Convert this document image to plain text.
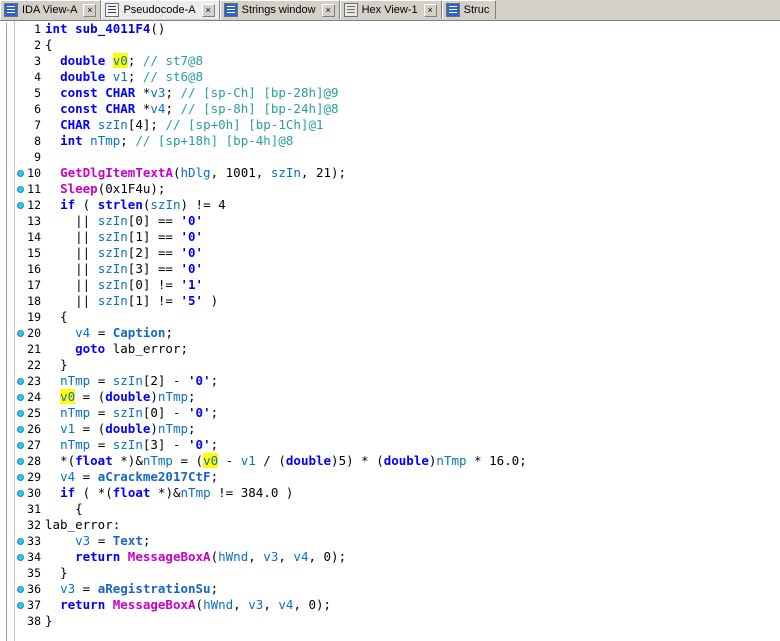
IDA View-A	×	Pseudocode-A	×	Strings window	×	Hex View-1	×	Struc
1
2
3
4
5
6
7
8
9
10
11
12
13
14
15
16
17
18
19
20
21
22
23
24
25
26
27
28
29
30
31
32
33
34
35
36
37
38
int sub_4011F4()
{
double v0; // st7@8
double v1; // st6@8
const CHAR *v3; // [sp-Ch] [bp-28h]@9
const CHAR *v4; // [sp-8h] [bp-24h]@8
CHAR szIn[4]; // [sp+0h] [bp-1Ch]@1
int nTmp; // [sp+18h] [bp-4h]@8
GetDlgItemTextA(hDlg, 1001, szIn, 21);
Sleep(0x1F4u);
if ( strlen(szIn) != 4
|| szIn[0] == '0'
|| szIn[1] == '0'
|| szIn[2] == '0'
|| szIn[3] == '0'
|| szIn[0] != '1'
|| szIn[1] != '5' )
{
v4 = Caption;
goto lab_error;
}
nTmp = szIn[2] - '0';
v0 = (double)nTmp;
nTmp = szIn[0] - '0';
v1 = (double)nTmp;
nTmp = szIn[3] - '0';
*(float *)&nTmp = (v0 - v1 / (double)5) * (double)nTmp * 16.0;
v4 = aCrackme2017CtF;
if ( *(float *)&nTmp != 384.0 )
{
lab_error:
v3 = Text;
return MessageBoxA(hWnd, v3, v4, 0);
}
v3 = aRegistrationSu;
return MessageBoxA(hWnd, v3, v4, 0);
}
